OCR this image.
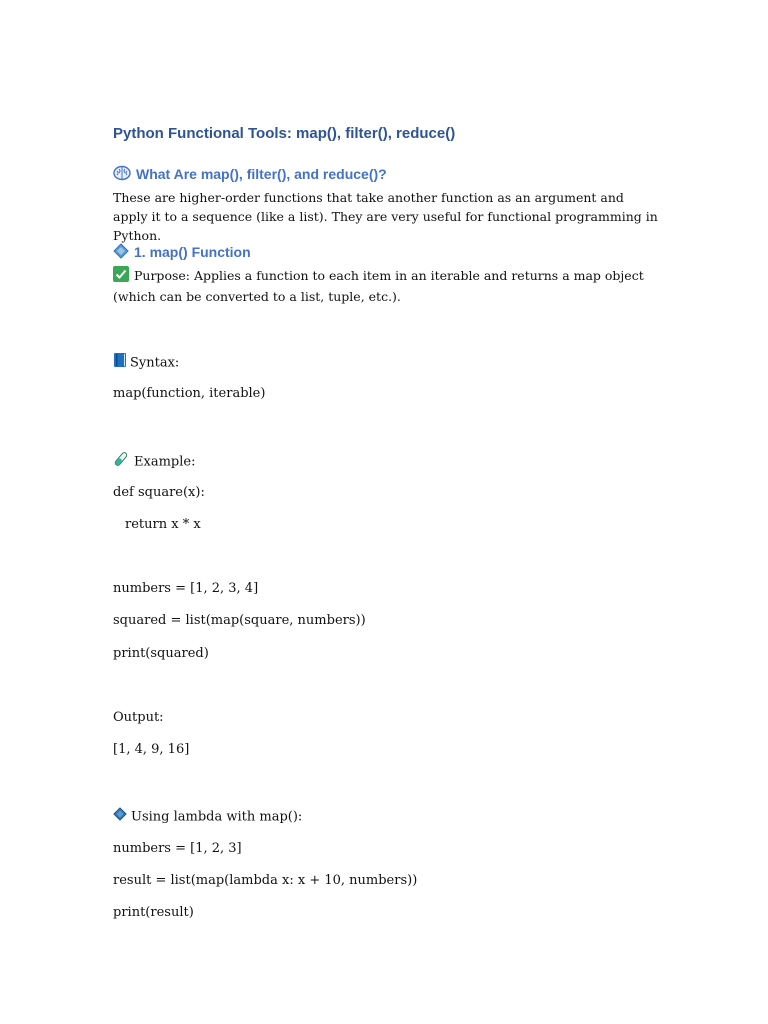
Python Functional Tools: map(), filter(), reduce()
What Are map(), filter(), and reduce()?
These are higher-order functions that take another function as an argument and apply it to a sequence (like a list). They are very useful for functional programming in Python.
1. map() Function
Purpose: Applies a function to each item in an iterable and returns a map object (which can be converted to a list, tuple, etc.).
Syntax:
map(function, iterable)
Example:
def square(x):
return x * x
numbers = [1, 2, 3, 4]
squared = list(map(square, numbers))
print(squared)
Output:
[1, 4, 9, 16]
Using lambda with map():
numbers = [1, 2, 3]
result = list(map(lambda x: x + 10, numbers))
print(result)
